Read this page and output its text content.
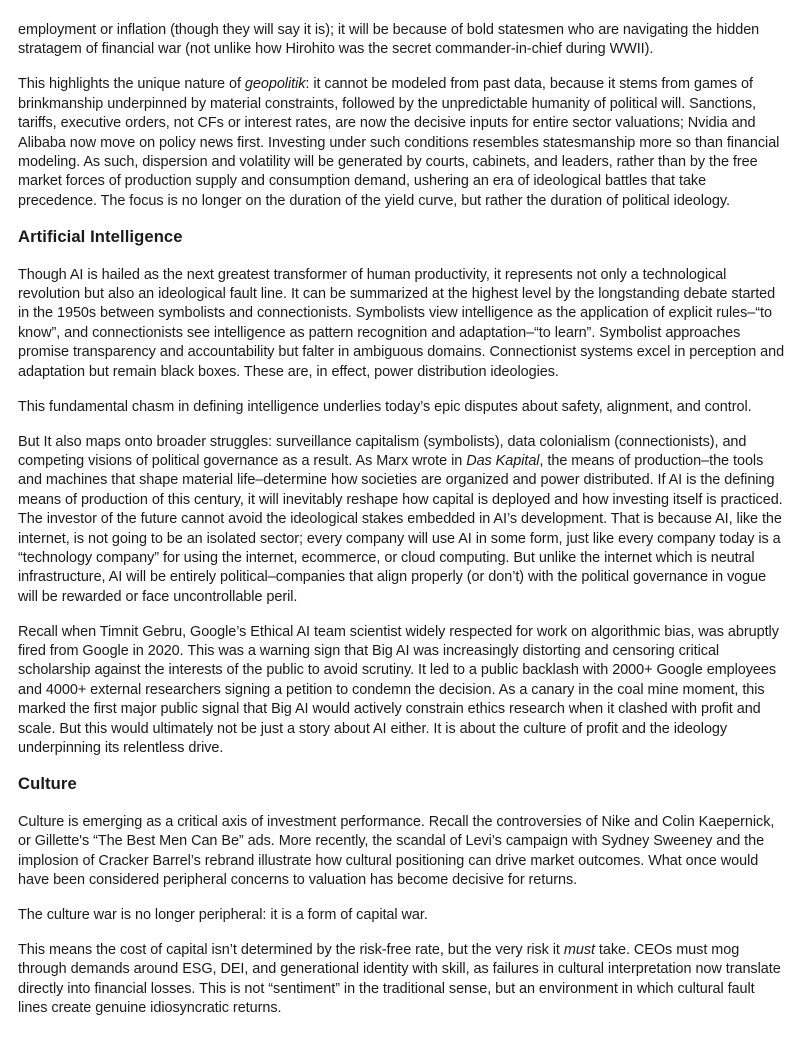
employment or inflation (though they will say it is); it will be because of bold statesmen who are navigating the hidden stratagem of financial war (not unlike how Hirohito was the secret commander-in-chief during WWII).

This highlights the unique nature of geopolitik: it cannot be modeled from past data, because it stems from games of brinkmanship underpinned by material constraints, followed by the unpredictable humanity of political will. Sanctions, tariffs, executive orders, not CFs or interest rates, are now the decisive inputs for entire sector valuations; Nvidia and Alibaba now move on policy news first. Investing under such conditions resembles statesmanship more so than financial modeling. As such, dispersion and volatility will be generated by courts, cabinets, and leaders, rather than by the free market forces of production supply and consumption demand, ushering an era of ideological battles that take precedence. The focus is no longer on the duration of the yield curve, but rather the duration of political ideology.

Artificial Intelligence

Though AI is hailed as the next greatest transformer of human productivity, it represents not only a technological revolution but also an ideological fault line. It can be summarized at the highest level by the longstanding debate started in the 1950s between symbolists and connectionists. Symbolists view intelligence as the application of explicit rules–“to know”, and connectionists see intelligence as pattern recognition and adaptation–“to learn”. Symbolist approaches promise transparency and accountability but falter in ambiguous domains. Connectionist systems excel in perception and adaptation but remain black boxes. These are, in effect, power distribution ideologies.

This fundamental chasm in defining intelligence underlies today’s epic disputes about safety, alignment, and control.

But It also maps onto broader struggles: surveillance capitalism (symbolists), data colonialism (connectionists), and competing visions of political governance as a result. As Marx wrote in Das Kapital, the means of production–the tools and machines that shape material life–determine how societies are organized and power distributed. If AI is the defining means of production of this century, it will inevitably reshape how capital is deployed and how investing itself is practiced. The investor of the future cannot avoid the ideological stakes embedded in AI’s development. That is because AI, like the internet, is not going to be an isolated sector; every company will use AI in some form, just like every company today is a “technology company” for using the internet, ecommerce, or cloud computing. But unlike the internet which is neutral infrastructure, AI will be entirely political–companies that align properly (or don’t) with the political governance in vogue will be rewarded or face uncontrollable peril.

Recall when Timnit Gebru, Google’s Ethical AI team scientist widely respected for work on algorithmic bias, was abruptly fired from Google in 2020. This was a warning sign that Big AI was increasingly distorting and censoring critical scholarship against the interests of the public to avoid scrutiny. It led to a public backlash with 2000+ Google employees and 4000+ external researchers signing a petition to condemn the decision. As a canary in the coal mine moment, this marked the first major public signal that Big AI would actively constrain ethics research when it clashed with profit and scale. But this would ultimately not be just a story about AI either. It is about the culture of profit and the ideology underpinning its relentless drive.

Culture

Culture is emerging as a critical axis of investment performance. Recall the controversies of Nike and Colin Kaepernick, or Gillette's “The Best Men Can Be” ads. More recently, the scandal of Levi’s campaign with Sydney Sweeney and the implosion of Cracker Barrel’s rebrand illustrate how cultural positioning can drive market outcomes. What once would have been considered peripheral concerns to valuation has become decisive for returns.

The culture war is no longer peripheral: it is a form of capital war.

This means the cost of capital isn’t determined by the risk-free rate, but the very risk it must take. CEOs must mog through demands around ESG, DEI, and generational identity with skill, as failures in cultural interpretation now translate directly into financial losses. This is not “sentiment” in the traditional sense, but an environment in which cultural fault lines create genuine idiosyncratic returns.
